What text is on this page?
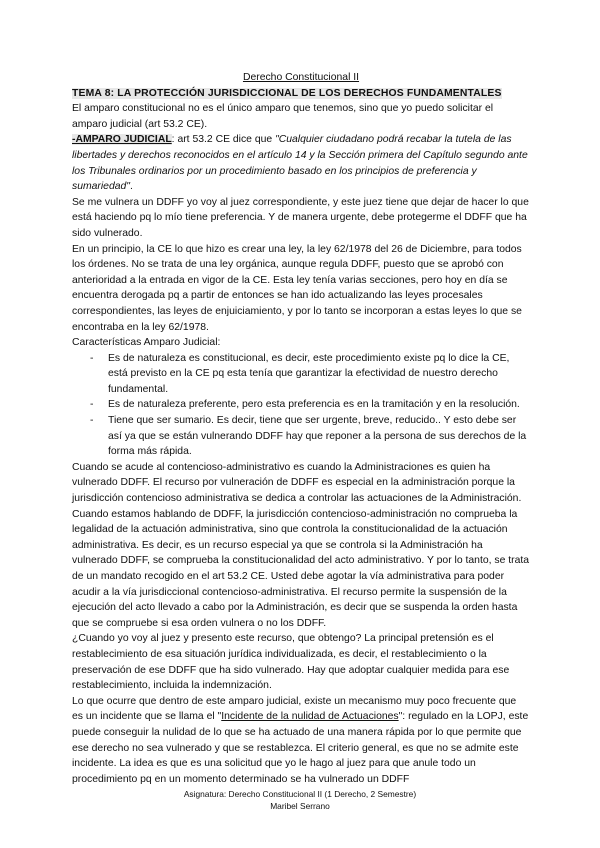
Derecho Constitucional II

TEMA 8: LA PROTECCIÓN JURISDICCIONAL DE LOS DERECHOS FUNDAMENTALES

El amparo constitucional no es el único amparo que tenemos, sino que yo puedo solicitar el amparo judicial (art 53.2 CE).

-AMPARO JUDICIAL: art 53.2 CE dice que "Cualquier ciudadano podrá recabar la tutela de las libertades y derechos reconocidos en el artículo 14 y la Sección primera del Capítulo segundo ante los Tribunales ordinarios por un procedimiento basado en los principios de preferencia y sumariedad".

Se me vulnera un DDFF yo voy al juez correspondiente, y este juez tiene que dejar de hacer lo que está haciendo pq lo mío tiene preferencia. Y de manera urgente, debe protegerme el DDFF que ha sido vulnerado.

En un principio, la CE lo que hizo es crear una ley, la ley 62/1978 del 26 de Diciembre, para todos los órdenes. No se trata de una ley orgánica, aunque regula DDFF, puesto que se aprobó con anterioridad a la entrada en vigor de la CE. Esta ley tenía varias secciones, pero hoy en día se encuentra derogada pq a partir de entonces se han ido actualizando las leyes procesales correspondientes, las leyes de enjuiciamiento, y por lo tanto se incorporan a estas leyes lo que se encontraba en la ley 62/1978.

Características Amparo Judicial:

- Es de naturaleza es constitucional, es decir, este procedimiento existe pq lo dice la CE, está previsto en la CE pq esta tenía que garantizar la efectividad de nuestro derecho fundamental.
- Es de naturaleza preferente, pero esta preferencia es en la tramitación y en la resolución.
- Tiene que ser sumario. Es decir, tiene que ser urgente, breve, reducido.. Y esto debe ser así ya que se están vulnerando DDFF hay que reponer a la persona de sus derechos de la forma más rápida.

Cuando se acude al contencioso-administrativo es cuando la Administraciones es quien ha vulnerado DDFF. El recurso por vulneración de DDFF es especial en la administración porque la jurisdicción contencioso administrativa se dedica a controlar las actuaciones de la Administración. Cuando estamos hablando de DDFF, la jurisdicción contencioso-administración no comprueba la legalidad de la actuación administrativa, sino que controla la constitucionalidad de la actuación administrativa. Es decir, es un recurso especial ya que se controla si la Administración ha vulnerado DDFF, se comprueba la constitucionalidad del acto administrativo. Y por lo tanto, se trata de un mandato recogido en el art 53.2 CE. Usted debe agotar la vía administrativa para poder acudir a la vía jurisdiccional contencioso-administrativa. El recurso permite la suspensión de la ejecución del acto llevado a cabo por la Administración, es decir que se suspenda la orden hasta que se compruebe si esa orden vulnera o no los DDFF.

¿Cuando yo voy al juez y presento este recurso, que obtengo? La principal pretensión es el restablecimiento de esa situación jurídica individualizada, es decir, el restablecimiento o la preservación de ese DDFF que ha sido vulnerado. Hay que adoptar cualquier medida para ese restablecimiento, incluida la indemnización.

Lo que ocurre que dentro de este amparo judicial, existe un mecanismo muy poco frecuente que es un incidente que se llama el "Incidente de la nulidad de Actuaciones": regulado en la LOPJ, este puede conseguir la nulidad de lo que se ha actuado de una manera rápida por lo que permite que ese derecho no sea vulnerado y que se restablezca. El criterio general, es que no se admite este incidente. La idea es que es una solicitud que yo le hago al juez para que anule todo un procedimiento pq en un momento determinado se ha vulnerado un DDFF

Asignatura: Derecho Constitucional II (1 Derecho, 2 Semestre)
Maribel Serrano
